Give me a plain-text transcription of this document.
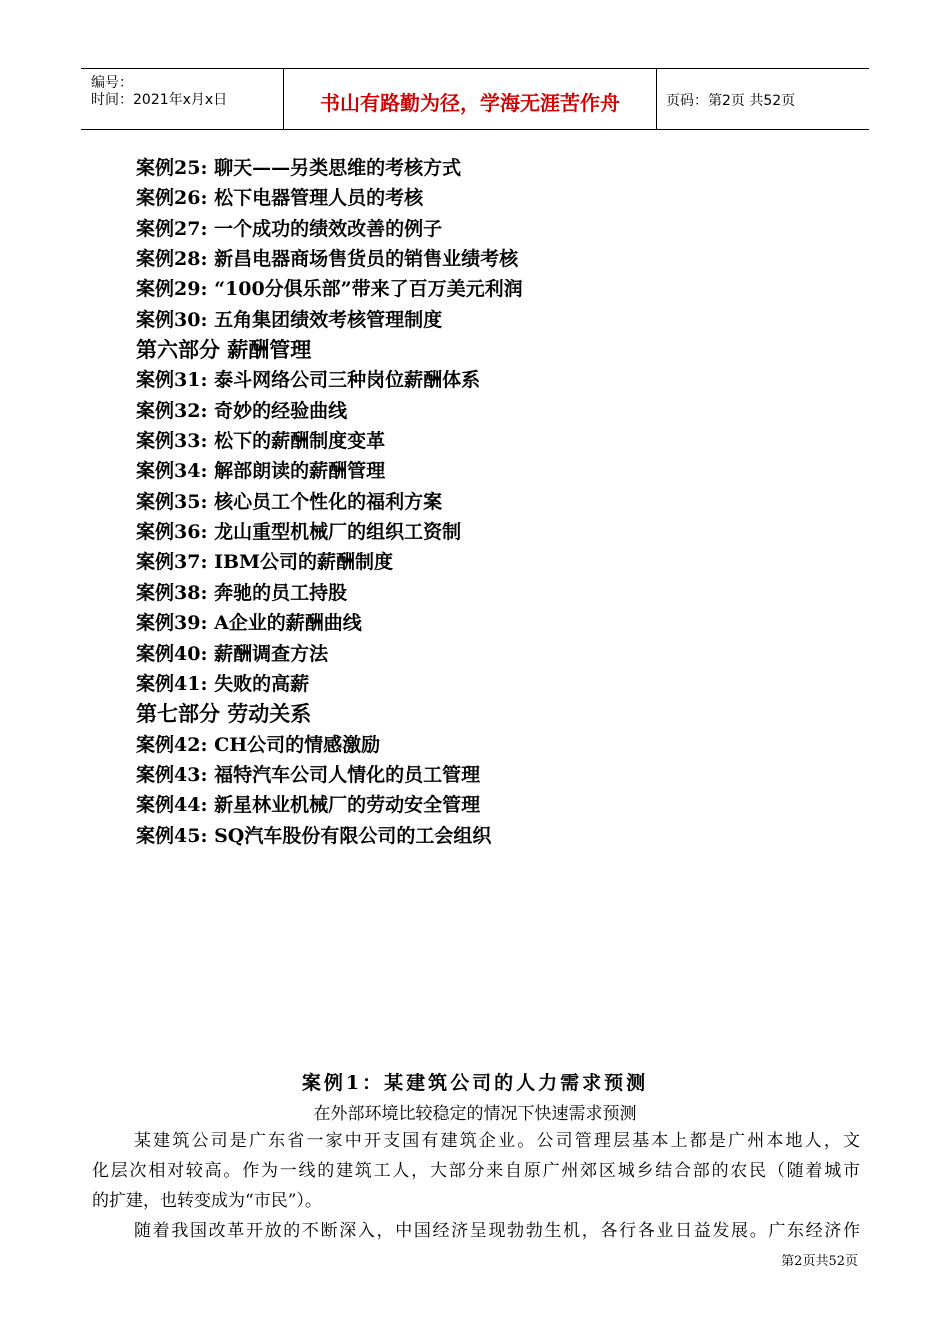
编号：
时间：2021年x月x日	书山有路勤为径，学海无涯苦作舟	页码：第2页 共52页
案例25: 聊天——另类思维的考核方式
案例26: 松下电器管理人员的考核
案例27: 一个成功的绩效改善的例子
案例28: 新昌电器商场售货员的销售业绩考核
案例29: “100分俱乐部”带来了百万美元利润
案例30: 五角集团绩效考核管理制度
第六部分 薪酬管理
案例31: 泰斗网络公司三种岗位薪酬体系
案例32: 奇妙的经验曲线
案例33: 松下的薪酬制度变革
案例34: 解部朗读的薪酬管理
案例35: 核心员工个性化的福利方案
案例36: 龙山重型机械厂的组织工资制
案例37: IBM公司的薪酬制度
案例38: 奔驰的员工持股
案例39: A企业的薪酬曲线
案例40: 薪酬调查方法
案例41: 失败的高薪
第七部分 劳动关系
案例42: CH公司的情感激励
案例43: 福特汽车公司人情化的员工管理
案例44: 新星林业机械厂的劳动安全管理
案例45: SQ汽车股份有限公司的工会组织
案例1：某建筑公司的人力需求预测
在外部环境比较稳定的情况下快速需求预测
某建筑公司是广东省一家中开支国有建筑企业。公司管理层基本上都是广州本地人，文
化层次相对较高。作为一线的建筑工人，大部分来自原广州郊区城乡结合部的农民（随着城市
的扩建，也转变成为“市民”）。
随着我国改革开放的不断深入，中国经济呈现勃勃生机，各行各业日益发展。广东经济作
第2页共52页
